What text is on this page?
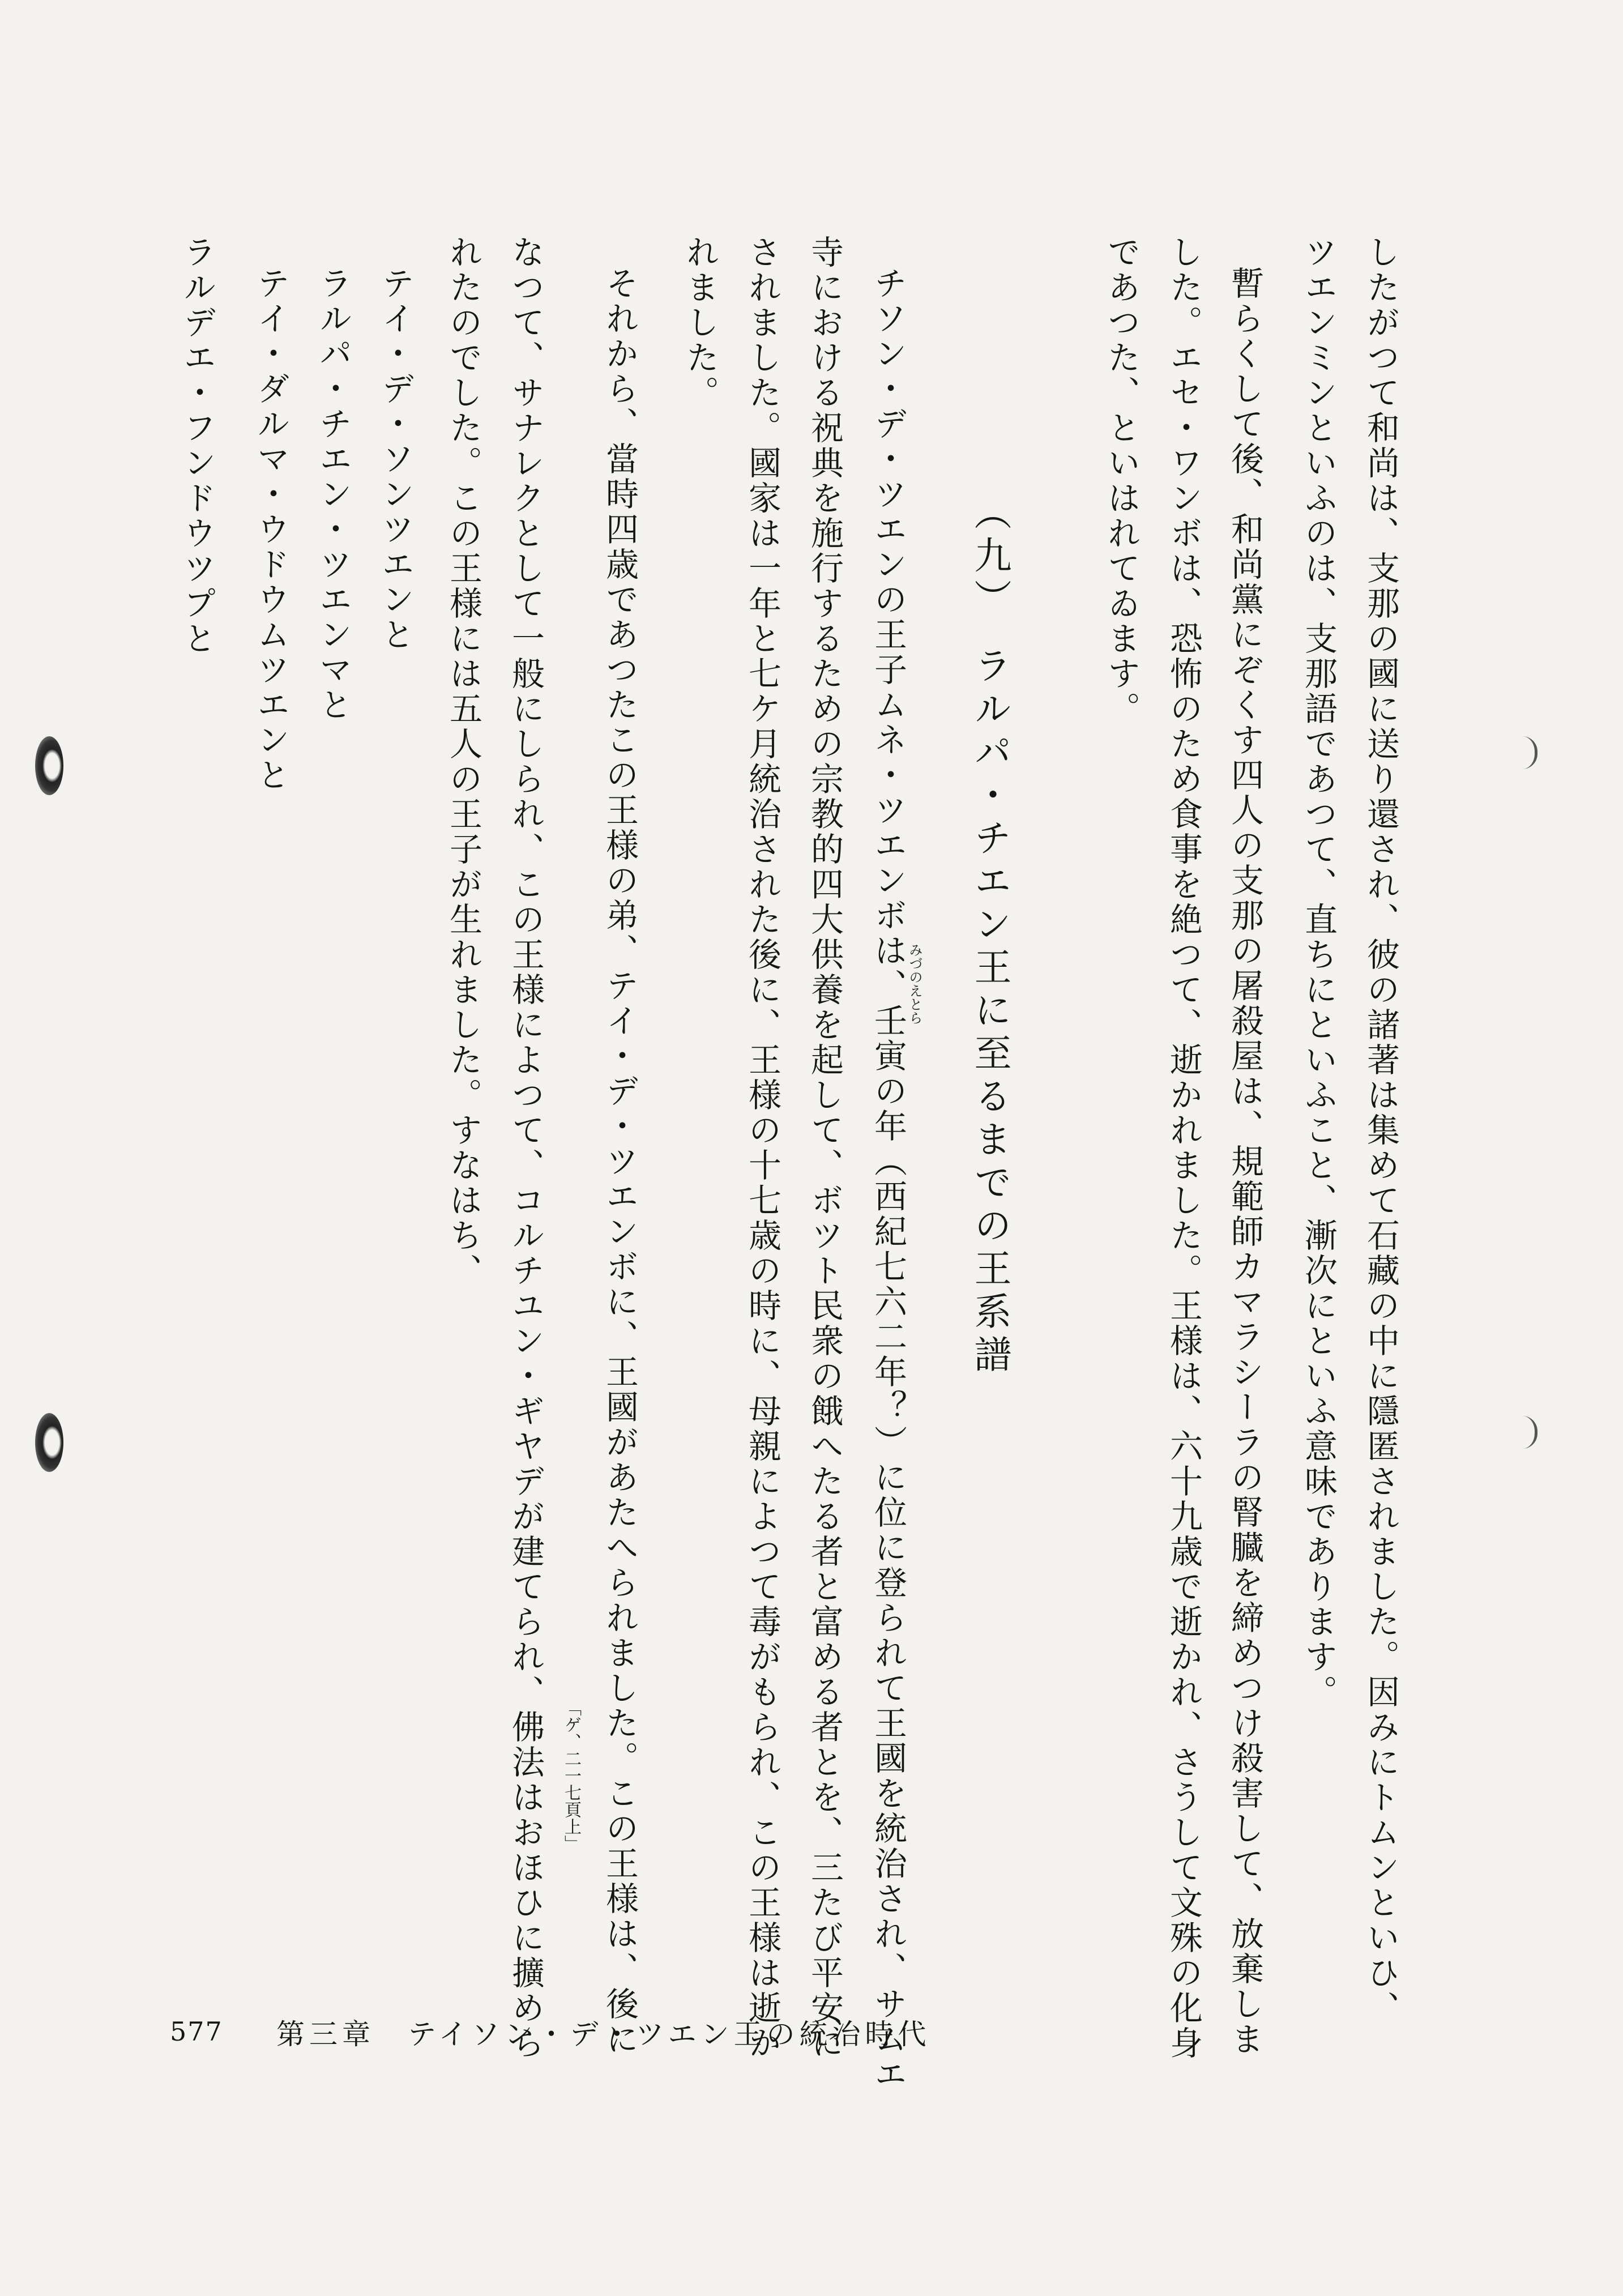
したがつて和尚は、支那の國に送り還され、彼の諸著は集めて石藏の中に隱匿されました。因みにトムンといひ、
ツエンミンといふのは、支那語であつて、直ちにといふこと、漸次にといふ意味であります。
暫らくして後、和尚黨にぞくす四人の支那の屠殺屋は、規範師カマラシーラの腎臓を締めつけ殺害して、放棄しま
した。エセ・ワンボは、恐怖のため食事を絶つて、逝かれました。王様は、六十九歳で逝かれ、さうして文殊の化身
であつた、といはれてゐます。
（九）　ラルパ・チエン王に至るまでの王系譜
チソン・デ・ツエンの王子ムネ・ツエンボは、壬寅の年（西紀七六二年？）に位に登られて王國を統治され、サムエ みづのえとら
寺における祝典を施行するための宗教的四大供養を起して、ボツト民衆の餓へたる者と富める者とを、三たび平安に
されました。國家は一年と七ケ月統治された後に、王様の十七歳の時に、母親によつて毒がもられ、この王様は逝か
れました。
それから、當時四歳であつたこの王様の弟、テイ・デ・ツエンボに、王國があたへられました。この王様は、後に
「ゲ、二一七頁上」
なつて、サナレクとして一般にしられ、この王様によつて、コルチユン・ギヤデが建てられ、佛法はおほひに擴めら
れたのでした。この王様には五人の王子が生れました。すなはち、
テイ・デ・ソンツエンと
ラルパ・チエン・ツエンマと
テイ・ダルマ・ウドウムツエンと
ラルデエ・フンドウツプと
577 第三章　テイソン・デ・ツエン王の統治時代
